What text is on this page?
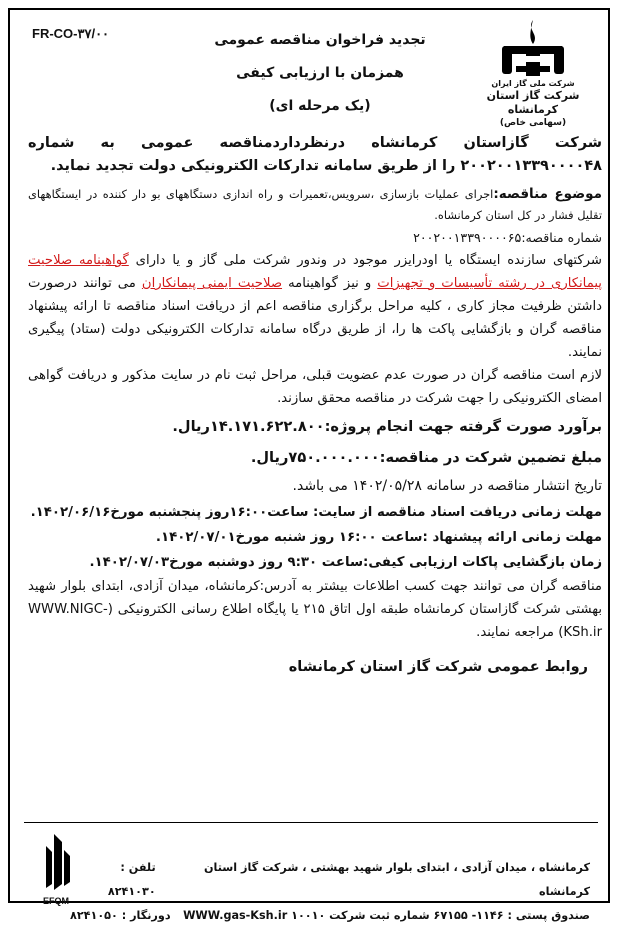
FR-CO-۳۷/۰۰	تجدید فراخوان مناقصه عمومی
همزمان با ارزیابی کیفی
(یک مرحله ای)
شرکت ملی گاز ایران
شرکت گاز استان کرمانشاه
(سهامی خاص)

شرکت گازاستان کرمانشاه درنظرداردمناقصه عمومی به شماره ۲۰۰۲۰۰۱۳۳۹۰۰۰۰۴۸ را از طریق سامانه تدارکات الکترونیکی دولت تجدید نماید.

موضوع مناقصه:اجرای عملیات بازسازی ،سرویس،تعمیرات و راه اندازی دستگاههای بو دار کننده در ایستگاههای تقلیل فشار در کل استان کرمانشاه.

شماره مناقصه:۲۰۰۲۰۰۱۳۳۹۰۰۰۰۶۵

شرکتهای سازنده ایستگاه یا اودرایزر موجود در وندور شرکت ملی گاز و یا دارای گواهینامه صلاحیت پیمانکاری در رشته تأسیسات و تجهیزات و نیز گواهینامه صلاحیت ایمنی پیمانکاران می توانند درصورت داشتن ظرفیت مجاز کاری ، کلیه مراحل برگزاری مناقصه اعم از دریافت اسناد مناقصه تا ارائه پیشنهاد مناقصه گران و بازگشایی پاکت ها را، از طریق درگاه سامانه تدارکات الکترونیکی دولت (ستاد) پیگیری نمایند.

لازم است مناقصه گران در صورت عدم عضویت قبلی، مراحل ثبت نام در سایت مذکور و دریافت گواهی امضای الکترونیکی را جهت شرکت در مناقصه محقق سازند.

برآورد صورت گرفته جهت انجام پروژه:۱۴.۱۷۱.۶۲۲.۸۰۰ریال.

مبلغ تضمین شرکت در مناقصه:۷۵۰.۰۰۰.۰۰۰ریال.

تاریخ انتشار مناقصه در سامانه ۱۴۰۲/۰۵/۲۸ می باشد.

مهلت زمانی دریافت اسناد مناقصه از سایت: ساعت۱۶:۰۰روز پنجشنبه مورخ۱۴۰۲/۰۶/۱۶.

مهلت زمانی ارائه پیشنهاد :ساعت ۱۶:۰۰ روز شنبه مورخ۱۴۰۲/۰۷/۰۱.

زمان بازگشایی پاکات ارزیابی کیفی:ساعت ۹:۳۰ روز دوشنبه مورخ۱۴۰۲/۰۷/۰۳.

مناقصه گران می توانند جهت کسب اطلاعات بیشتر به آدرس:کرمانشاه، میدان آزادی، ابتدای بلوار شهید بهشتی شرکت گازاستان کرمانشاه طبقه اول اتاق ۲۱۵ یا پایگاه اطلاع رسانی الکترونیکی (WWW.NIGC-KSh.ir) مراجعه نمایند.

روابط عمومی شرکت گاز استان کرمانشاه

EFQM
کرمانشاه ، میدان آزادی ، ابتدای بلوار شهید بهشتی ، شرکت گاز استان کرمانشاه
تلفن : ۸۲۴۱۰۳۰
صندوق پستی : ۱۱۴۶- ۶۷۱۵۵ شماره ثبت شرکت ۱۰۰۱۰ WWW.gas-Ksh.ir
دورنگار : ۸۲۴۱۰۵۰
